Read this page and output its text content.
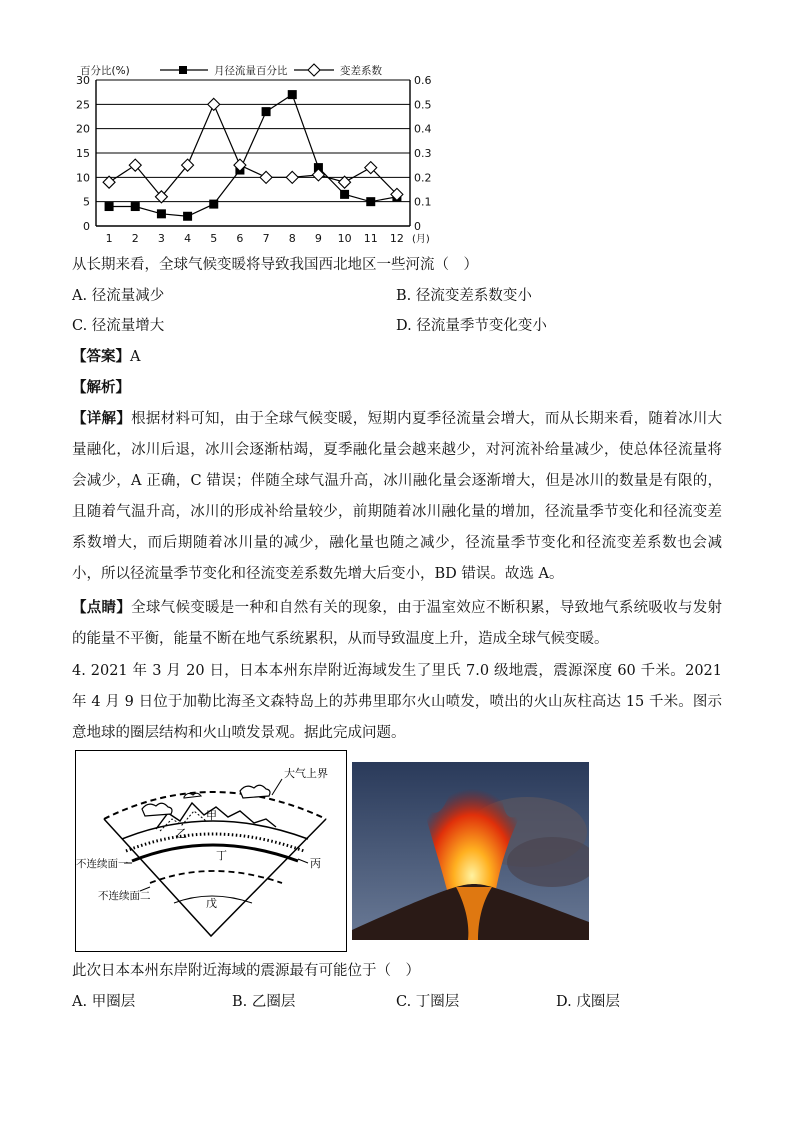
0
5
10
15
20
25
30
0
0.1
0.2
0.3
0.4
0.5
0.6
1 2 3 4 5 6 7 8 9 10 11 12 (月)
百分比(%)	月径流量百分比	变差系数
从长期来看，全球气候变暖将导致我国西北地区一些河流（　）
A. 径流量减少	B. 径流变差系数变小
C. 径流量增大	D. 径流量季节变化变小
【答案】A
【解析】
【详解】根据材料可知，由于全球气候变暖，短期内夏季径流量会增大，而从长期来看，随着冰川大量融化，冰川后退，冰川会逐渐枯竭，夏季融化量会越来越少，对河流补给量减少，使总体径流量将会减少，A 正确，C 错误；伴随全球气温升高，冰川融化量会逐渐增大，但是冰川的数量是有限的，且随着气温升高，冰川的形成补给量较少，前期随着冰川融化量的增加，径流量季节变化和径流变差系数增大，而后期随着冰川量的减少，融化量也随之减少，径流量季节变化和径流变差系数也会减小，所以径流量季节变化和径流变差系数先增大后变小，BD 错误。故选 A。
【点睛】全球气候变暖是一种和自然有关的现象，由于温室效应不断积累，导致地气系统吸收与发射的能量不平衡，能量不断在地气系统累积，从而导致温度上升，造成全球气候变暖。
4. 2021 年 3 月 20 日，日本本州东岸附近海域发生了里氏 7.0 级地震，震源深度 60 千米。2021 年 4 月 9 日位于加勒比海圣文森特岛上的苏弗里耶尔火山喷发，喷出的火山灰柱高达 15 千米。图示意地球的圈层结构和火山喷发景观。据此完成问题。
大气上界
甲
乙
丙
丁
戊
不连续面一
不连续面二
此次日本本州东岸附近海域的震源最有可能位于（　）
A. 甲圈层	B. 乙圈层	C. 丁圈层	D. 戊圈层
